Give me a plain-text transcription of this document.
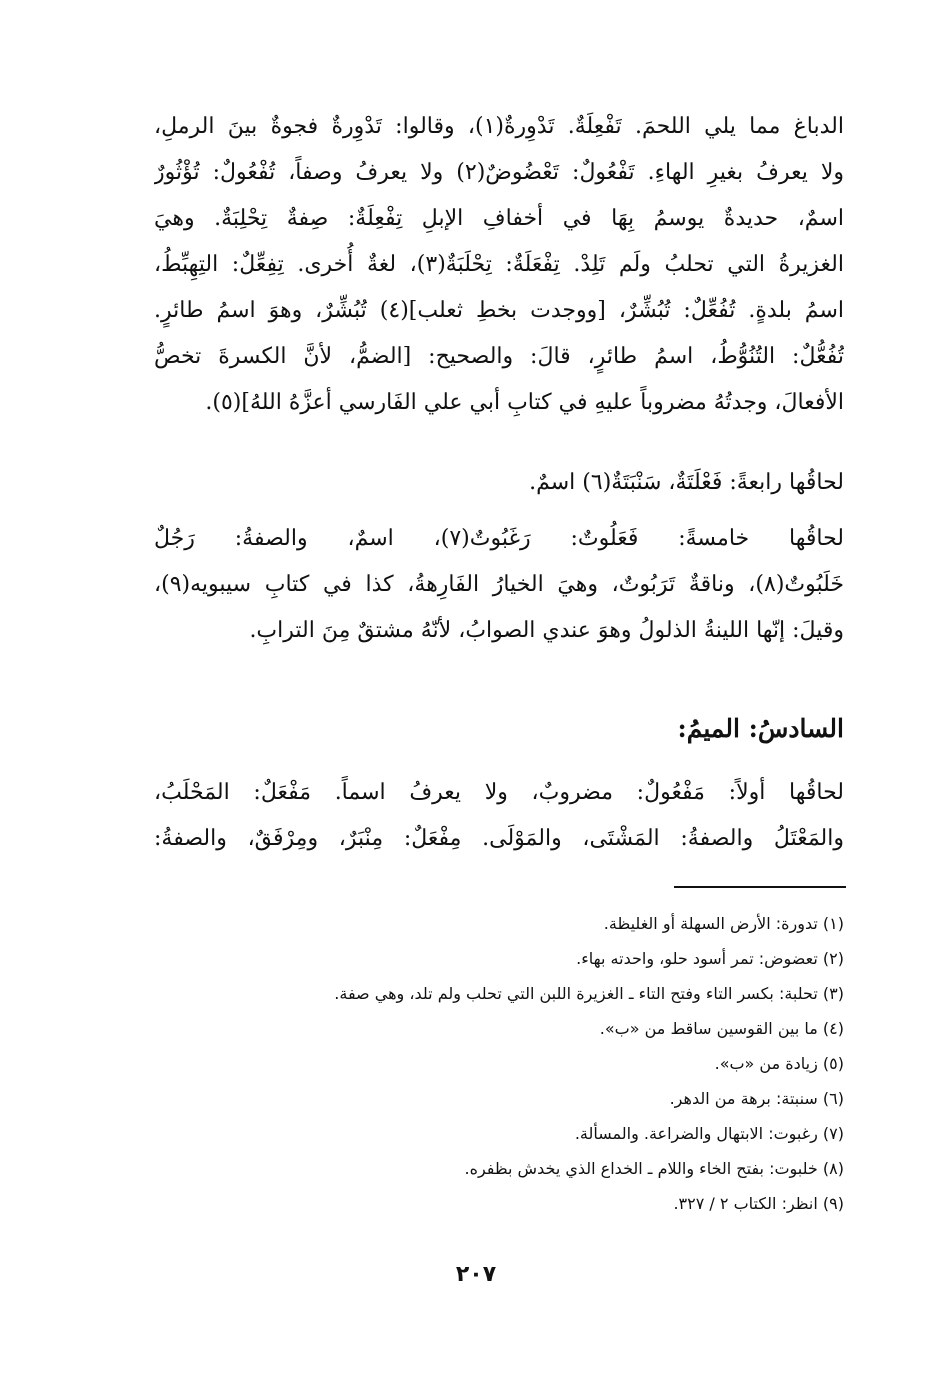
الدباغ مما يلي اللحمَ. تَفْعِلَةٌ. تَدْوِرةٌ(١)، وقالوا: تَدْوِرةٌ فجوةٌ بينَ الرملِ،
ولا يعرفُ بغيرِ الهاءِ. تَفْعُولٌ: تَعْضُوضٌ(٢) ولا يعرفُ وصفاً، تُفْعُولٌ: تُؤْثُورٌ
اسمٌ، حديدةٌ يوسمُ بِهَا في أخفافِ الإبلِ تِفْعِلَةٌ: صِفةٌ تِحْلِبَةٌ. وهيَ
الغزيرةُ التي تحلبُ ولَم تَلِدْ. تِفْعَلَةٌ: تِحْلَبَةٌ(٣)، لغةٌ أُخرى. تِفِعِّلٌ: التِهِبِّطُ،
اسمُ بلدةٍ. تُفُعِّلٌ: تُبُشِّرٌ، [ووجدت بخطِ ثعلب](٤) تُبُشِّرٌ، وهوَ اسمُ طائرٍ.
تُفُعُّلٌ: التُنُوُّطُ، اسمُ طائرٍ، قالَ: والصحيح: [الضمُّ، لأنَّ الكسرةَ تخصُّ
الأفعالَ، وجدتُهُ مضروباً عليهِ في كتابِ أبي علي الفَارسي أعزَّهُ اللهُ](٥).
لحاقُها رابعةً: فَعْلَتَةٌ، سَنْبَتَةٌ(٦) اسمٌ.
لحاقُها خامسةً: فَعَلُوتٌ: رَغَبُوتٌ(٧)، اسمٌ، والصفةُ: رَجُلٌ
خَلَبُوتٌ(٨)، وناقةٌ تَرَبُوتٌ، وهيَ الخيارُ الفَارِهةُ، كذا في كتابِ سيبويه(٩)،
وقيلَ: إنّها اللينةُ الذلولُ وهوَ عندي الصوابُ، لأنّهُ مشتقٌ مِنَ الترابِ.
السادسُ: الميمُ:
لحاقُها أولاً: مَفْعُولٌ: مضروبٌ، ولا يعرفُ اسماً. مَفْعَلٌ: المَحْلَبُ،
والمَعْتَلُ والصفةُ: المَشْتَى، والمَوْلَى. مِفْعَلٌ: مِنْبَرٌ، ومِرْفَقٌ، والصفةُ:
(١) تدورة: الأرض السهلة أو الغليظة.
(٢) تعضوض: تمر أسود حلو، واحدته بهاء.
(٣) تحلبة: بكسر التاء وفتح التاء ـ الغزيرة اللبن التي تحلب ولم تلد، وهي صفة.
(٤) ما بين القوسين ساقط من «ب».
(٥) زيادة من «ب».
(٦) سنبتة: برهة من الدهر.
(٧) رغبوت: الابتهال والضراعة. والمسألة.
(٨) خلبوت: بفتح الخاء واللام ـ الخداع الذي يخدش بظفره.
(٩) انظر: الكتاب ٢ / ٣٢٧.
٢٠٧
